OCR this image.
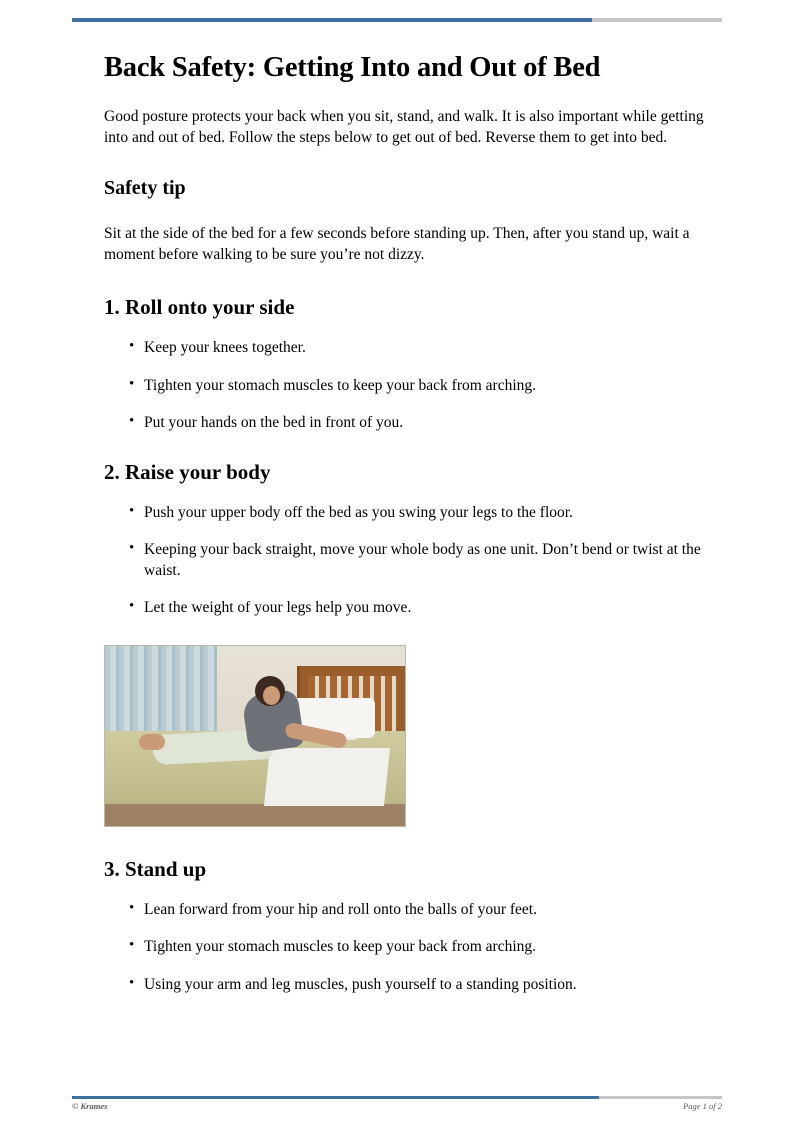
Back Safety: Getting Into and Out of Bed

Good posture protects your back when you sit, stand, and walk. It is also important while getting into and out of bed. Follow the steps below to get out of bed. Reverse them to get into bed.

Safety tip

Sit at the side of the bed for a few seconds before standing up. Then, after you stand up, wait a moment before walking to be sure you’re not dizzy.

1. Roll onto your side
• Keep your knees together.
• Tighten your stomach muscles to keep your back from arching.
• Put your hands on the bed in front of you.
2. Raise your body
• Push your upper body off the bed as you swing your legs to the floor.
• Keeping your back straight, move your whole body as one unit. Don’t bend or twist at the waist.
• Let the weight of your legs help you move.
3. Stand up
• Lean forward from your hip and roll onto the balls of your feet.
• Tighten your stomach muscles to keep your back from arching.
• Using your arm and leg muscles, push yourself to a standing position.
© Krames	Page 1 of 2
